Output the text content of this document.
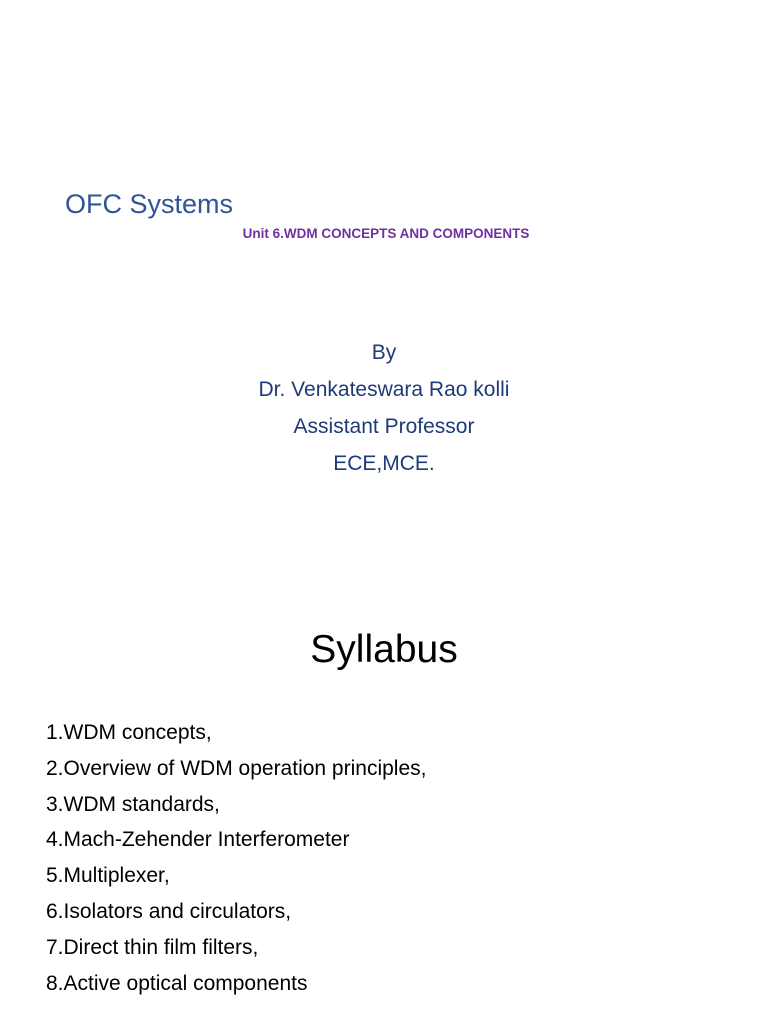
OFC Systems
Unit 6.WDM CONCEPTS AND COMPONENTS
By
Dr. Venkateswara Rao kolli
Assistant Professor
ECE,MCE.
Syllabus
1.WDM concepts,
2.Overview of WDM operation principles,
3.WDM standards,
4.Mach-Zehender Interferometer
5.Multiplexer,
6.Isolators and circulators,
7.Direct thin film filters,
8.Active optical components
